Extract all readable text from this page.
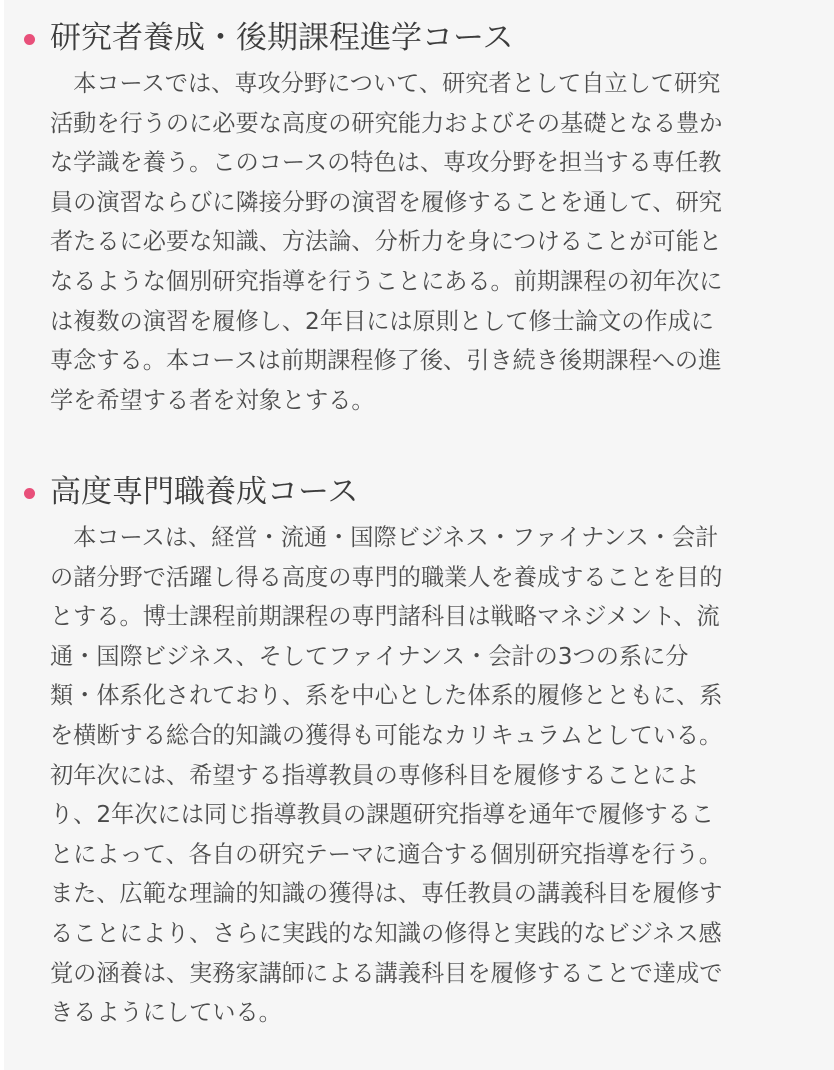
研究者養成・後期課程進学コース
　本コースでは、専攻分野について、研究者として自立して研究
活動を行うのに必要な高度の研究能力およびその基礎となる豊か
な学識を養う。このコースの特色は、専攻分野を担当する専任教
員の演習ならびに隣接分野の演習を履修することを通して、研究
者たるに必要な知識、方法論、分析力を身につけることが可能と
なるような個別研究指導を行うことにある。前期課程の初年次に
は複数の演習を履修し、2年目には原則として修士論文の作成に
専念する。本コースは前期課程修了後、引き続き後期課程への進
学を希望する者を対象とする。
高度専門職養成コース
　本コースは、経営・流通・国際ビジネス・ファイナンス・会計
の諸分野で活躍し得る高度の専門的職業人を養成することを目的
とする。博士課程前期課程の専門諸科目は戦略マネジメント、流
通・国際ビジネス、そしてファイナンス・会計の3つの系に分
類・体系化されており、系を中心とした体系的履修とともに、系
を横断する総合的知識の獲得も可能なカリキュラムとしている。
初年次には、希望する指導教員の専修科目を履修することによ
り、2年次には同じ指導教員の課題研究指導を通年で履修するこ
とによって、各自の研究テーマに適合する個別研究指導を行う。
また、広範な理論的知識の獲得は、専任教員の講義科目を履修す
ることにより、さらに実践的な知識の修得と実践的なビジネス感
覚の涵養は、実務家講師による講義科目を履修することで達成で
きるようにしている。
